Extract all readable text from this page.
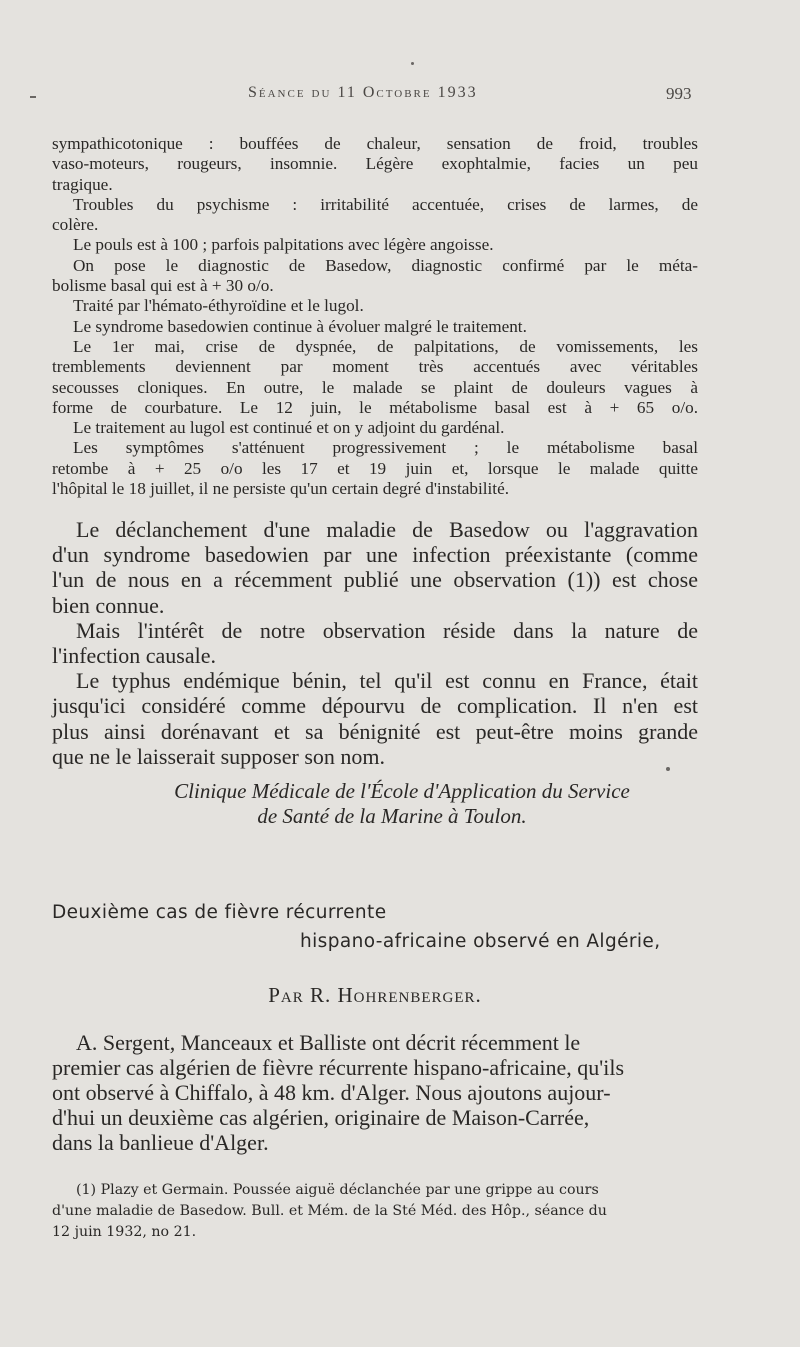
Séance du 11 Octobre 1933	993

sympathicotonique : bouffées de chaleur, sensation de froid, troubles

vaso-moteurs, rougeurs, insomnie. Légère exophtalmie, facies un peu

tragique.

Troubles du psychisme : irritabilité accentuée, crises de larmes, de

colère.

Le pouls est à 100 ; parfois palpitations avec légère angoisse.

On pose le diagnostic de Basedow, diagnostic confirmé par le méta-

bolisme basal qui est à + 30 o/o.

Traité par l'hémato-éthyroïdine et le lugol.

Le syndrome basedowien continue à évoluer malgré le traitement.

Le 1er mai, crise de dyspnée, de palpitations, de vomissements, les

tremblements deviennent par moment très accentués avec véritables

secousses cloniques. En outre, le malade se plaint de douleurs vagues à

forme de courbature. Le 12 juin, le métabolisme basal est à + 65 o/o.

Le traitement au lugol est continué et on y adjoint du gardénal.

Les symptômes s'atténuent progressivement ; le métabolisme basal

retombe à + 25 o/o les 17 et 19 juin et, lorsque le malade quitte

l'hôpital le 18 juillet, il ne persiste qu'un certain degré d'instabilité.

Le déclanchement d'une maladie de Basedow ou l'aggravation

d'un syndrome basedowien par une infection préexistante (comme

l'un de nous en a récemment publié une observation (1)) est chose

bien connue.

Mais l'intérêt de notre observation réside dans la nature de

l'infection causale.

Le typhus endémique bénin, tel qu'il est connu en France, était

jusqu'ici considéré comme dépourvu de complication. Il n'en est

plus ainsi dorénavant et sa bénignité est peut-être moins grande

que ne le laisserait supposer son nom.

Clinique Médicale de l'École d'Application du Service
de Santé de la Marine à Toulon.
Deuxième cas de fièvre récurrente
hispano-africaine observé en Algérie,
Par R. Hohrenberger.

A. Sergent, Manceaux et Balliste ont décrit récemment le

premier cas algérien de fièvre récurrente hispano-africaine, qu'ils

ont observé à Chiffalo, à 48 km. d'Alger. Nous ajoutons aujour-

d'hui un deuxième cas algérien, originaire de Maison-Carrée,

dans la banlieue d'Alger.

(1) Plazy et Germain. Poussée aiguë déclanchée par une grippe au cours

d'une maladie de Basedow. Bull. et Mém. de la Sté Méd. des Hôp., séance du

12 juin 1932, no 21.
